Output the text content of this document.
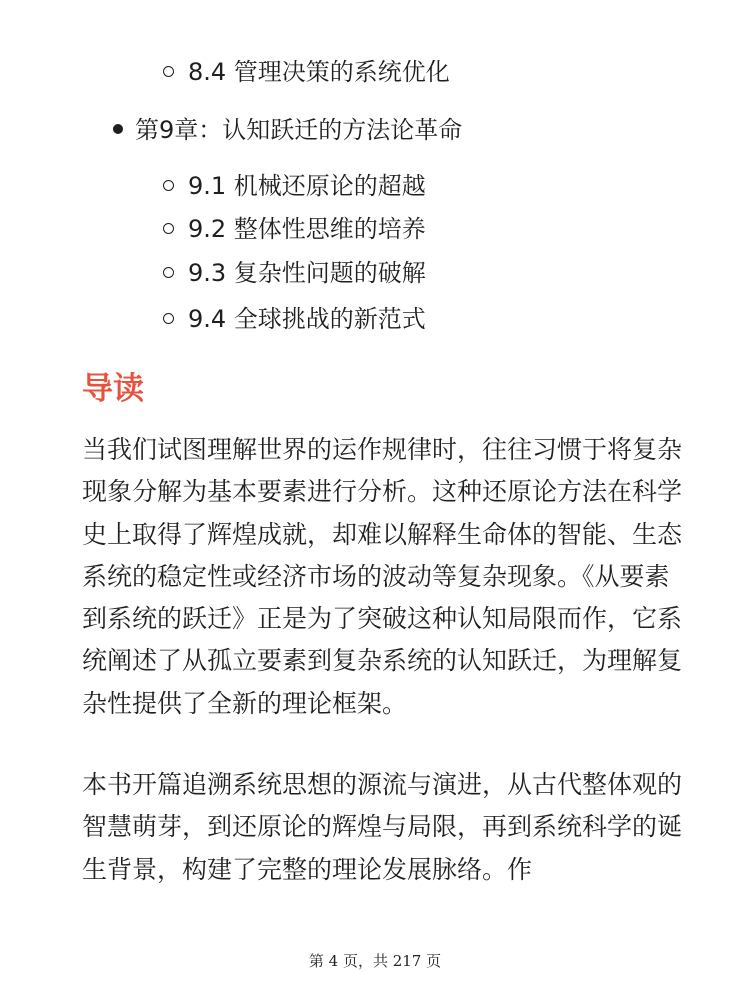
8.4 管理决策的系统优化
第9章：认知跃迁的方法论革命
9.1 机械还原论的超越
9.2 整体性思维的培养
9.3 复杂性问题的破解
9.4 全球挑战的新范式
导读
当我们试图理解世界的运作规律时，往往习惯于将复杂现象分解为基本要素进行分析。这种还原论方法在科学史上取得了辉煌成就，却难以解释生命体的智能、生态系统的稳定性或经济市场的波动等复杂现象。《从要素到系统的跃迁》正是为了突破这种认知局限而作，它系统阐述了从孤立要素到复杂系统的认知跃迁，为理解复杂性提供了全新的理论框架。
本书开篇追溯系统思想的源流与演进，从古代整体观的智慧萌芽，到还原论的辉煌与局限，再到系统科学的诞生背景，构建了完整的理论发展脉络。作
第 4 页，共 217 页
